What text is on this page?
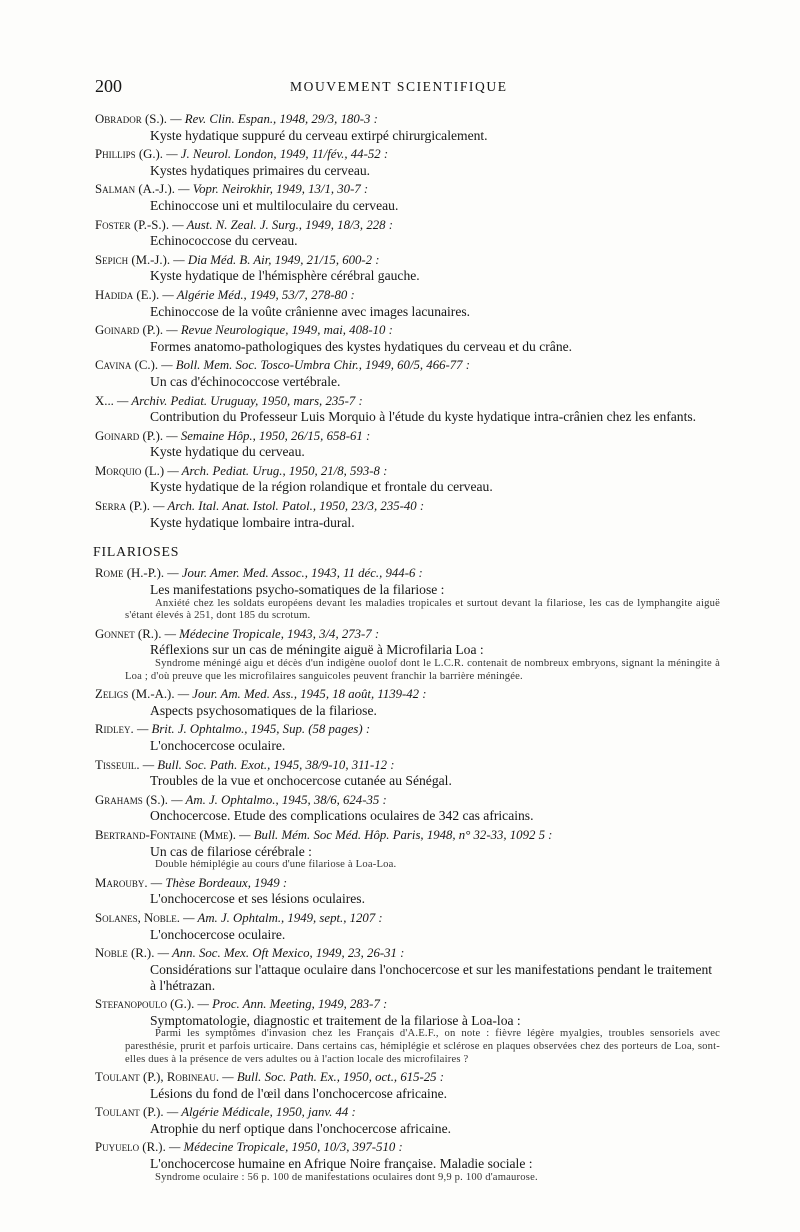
200	MOUVEMENT SCIENTIFIQUE
Obrador (S.). — Rev. Clin. Espan., 1948, 29/3, 180-3 :
Kyste hydatique suppuré du cerveau extirpé chirurgicalement.
Phillips (G.). — J. Neurol. London, 1949, 11/fév., 44-52 :
Kystes hydatiques primaires du cerveau.
Salman (A.-J.). — Vopr. Neirokhir, 1949, 13/1, 30-7 :
Echinoccose uni et multiloculaire du cerveau.
Foster (P.-S.). — Aust. N. Zeal. J. Surg., 1949, 18/3, 228 :
Echinococcose du cerveau.
Sepich (M.-J.). — Dia Méd. B. Air, 1949, 21/15, 600-2 :
Kyste hydatique de l'hémisphère cérébral gauche.
Hadida (E.). — Algérie Méd., 1949, 53/7, 278-80 :
Echinoccose de la voûte crânienne avec images lacunaires.
Goinard (P.). — Revue Neurologique, 1949, mai, 408-10 :
Formes anatomo-pathologiques des kystes hydatiques du cerveau et du crâne.
Cavina (C.). — Boll. Mem. Soc. Tosco-Umbra Chir., 1949, 60/5, 466-77 :
Un cas d'échinococcose vertébrale.
X... — Archiv. Pediat. Uruguay, 1950, mars, 235-7 :
Contribution du Professeur Luis Morquio à l'étude du kyste hydatique intra-crânien chez les enfants.
Goinard (P.). — Semaine Hôp., 1950, 26/15, 658-61 :
Kyste hydatique du cerveau.
Morquio (L.) — Arch. Pediat. Urug., 1950, 21/8, 593-8 :
Kyste hydatique de la région rolandique et frontale du cerveau.
Serra (P.). — Arch. Ital. Anat. Istol. Patol., 1950, 23/3, 235-40 :
Kyste hydatique lombaire intra-dural.
FILARIOSES
Rome (H.-P.). — Jour. Amer. Med. Assoc., 1943, 11 déc., 944-6 :
Les manifestations psycho-somatiques de la filariose :
Anxiété chez les soldats européens devant les maladies tropicales et surtout devant la filariose, les cas de lymphangite aiguë s'étant élevés à 251, dont 185 du scrotum.
Gonnet (R.). — Médecine Tropicale, 1943, 3/4, 273-7 :
Réflexions sur un cas de méningite aiguë à Microfilaria Loa :
Syndrome méningé aigu et décès d'un indigène ouolof dont le L.C.R. contenait de nombreux embryons, signant la méningite à Loa ; d'où preuve que les microfilaires sanguicoles peuvent franchir la barrière méningée.
Zeligs (M.-A.). — Jour. Am. Med. Ass., 1945, 18 août, 1139-42 :
Aspects psychosomatiques de la filariose.
Ridley. — Brit. J. Ophtalmo., 1945, Sup. (58 pages) :
L'onchocercose oculaire.
Tisseuil. — Bull. Soc. Path. Exot., 1945, 38/9-10, 311-12 :
Troubles de la vue et onchocercose cutanée au Sénégal.
Grahams (S.). — Am. J. Ophtalmo., 1945, 38/6, 624-35 :
Onchocercose. Etude des complications oculaires de 342 cas africains.
Bertrand-Fontaine (Mme). — Bull. Mém. Soc Méd. Hôp. Paris, 1948, n° 32-33, 1092 5 :
Un cas de filariose cérébrale :
Double hémiplégie au cours d'une filariose à Loa-Loa.
Marouby. — Thèse Bordeaux, 1949 :
L'onchocercose et ses lésions oculaires.
Solanes, Noble. — Am. J. Ophtalm., 1949, sept., 1207 :
L'onchocercose oculaire.
Noble (R.). — Ann. Soc. Mex. Oft Mexico, 1949, 23, 26-31 :
Considérations sur l'attaque oculaire dans l'onchocercose et sur les manifestations pendant le traitement à l'hétrazan.
Stefanopoulo (G.). — Proc. Ann. Meeting, 1949, 283-7 :
Symptomatologie, diagnostic et traitement de la filariose à Loa-loa :
Parmi les symptômes d'invasion chez les Français d'A.E.F., on note : fièvre légère myalgies, troubles sensoriels avec paresthésie, prurit et parfois urticaire. Dans certains cas, hémiplégie et sclérose en plaques observées chez des porteurs de Loa, sont-elles dues à la présence de vers adultes ou à l'action locale des microfilaires ?
Toulant (P.), Robineau. — Bull. Soc. Path. Ex., 1950, oct., 615-25 :
Lésions du fond de l'œil dans l'onchocercose africaine.
Toulant (P.). — Algérie Médicale, 1950, janv. 44 :
Atrophie du nerf optique dans l'onchocercose africaine.
Puyuelo (R.). — Médecine Tropicale, 1950, 10/3, 397-510 :
L'onchocercose humaine en Afrique Noire française. Maladie sociale :
Syndrome oculaire : 56 p. 100 de manifestations oculaires dont 9,9 p. 100 d'amaurose.
